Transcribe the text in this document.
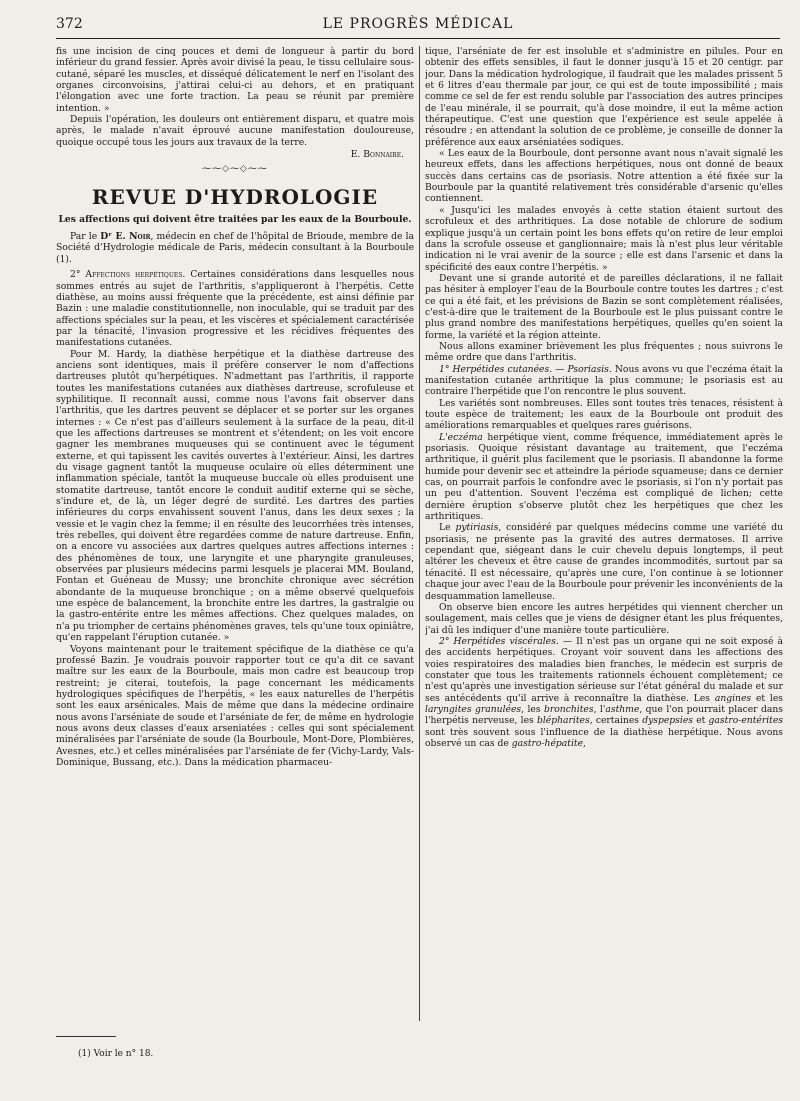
372	LE PROGRÈS MÉDICAL

fis une incision de cinq pouces et demi de longueur à partir du bord inférieur du grand fessier. Après avoir divisé la peau, le tissu cellulaire sous-cutané, séparé les muscles, et disséqué délicatement le nerf en l'isolant des organes circonvoisins, j'attirai celui-ci au dehors, et en pratiquant l'élongation avec une forte traction. La peau se réunit par première intention. »

Depuis l'opération, les douleurs ont entièrement disparu, et quatre mois après, le malade n'avait éprouvé aucune manifestation douloureuse, quoique occupé tous les jours aux travaux de la terre.

E. Bonnaire.
⁓⁓◇⁓◇⁓⁓
REVUE D'HYDROLOGIE
Les affections qui doivent être traitées par les eaux de la Bourboule.

Par le Dʳ E. Noir, médecin en chef de l'hôpital de Brioude, membre de la Société d'Hydrologie médicale de Paris, médecin consultant à la Bourboule (1).

2° Affections herpétiques. Certaines considérations dans lesquelles nous sommes entrés au sujet de l'arthritis, s'appliqueront à l'herpétis. Cette diathèse, au moins aussi fréquente que la précédente, est ainsi définie par Bazin : une maladie constitutionnelle, non inoculable, qui se traduit par des affections spéciales sur la peau, et les viscères et spécialement caractérisée par la ténacité, l'invasion progressive et les récidives fréquentes des manifestations cutanées.

Pour M. Hardy, la diathèse herpétique et la diathèse dartreuse des anciens sont identiques, mais il préfère conserver le nom d'affections dartreuses plutôt qu'herpétiques. N'admettant pas l'arthritis, il rapporte toutes les manifestations cutanées aux diathèses dartreuse, scrofuleuse et syphilitique. Il reconnaît aussi, comme nous l'avons fait observer dans l'arthritis, que les dartres peuvent se déplacer et se porter sur les organes internes : « Ce n'est pas d'ailleurs seulement à la surface de la peau, dit-il que les affections dartreuses se montrent et s'étendent; on les voit encore gagner les membranes muqueuses qui se continuent avec le tégument externe, et qui tapissent les cavités ouvertes à l'extérieur. Ainsi, les dartres du visage gagnent tantôt la muqueuse oculaire où elles déterminent une inflammation spéciale, tantôt la muqueuse buccale où elles produisent une stomatite dartreuse, tantôt encore le conduit auditif externe qui se sèche, s'indure et, de là, un léger degré de surdité. Les dartres des parties inférieures du corps envahissent souvent l'anus, dans les deux sexes ; la vessie et le vagin chez la femme; il en résulte des leucorrhées très intenses, très rebelles, qui doivent être regardées comme de nature dartreuse. Enfin, on a encore vu associées aux dartres quelques autres affections internes : des phénomènes de toux, une laryngite et une pharyngite granuleuses, observées par plusieurs médecins parmi lesquels je placerai MM. Bouland, Fontan et Guéneau de Mussy; une bronchite chronique avec sécrétion abondante de la muqueuse bronchique ; on a même observé quelquefois une espèce de balancement, la bronchite entre les dartres, la gastralgie ou la gastro-entérite entre les mêmes affections. Chez quelques malades, on n'a pu triompher de certains phénomènes graves, tels qu'une toux opiniâtre, qu'en rappelant l'éruption cutanée. »

Voyons maintenant pour le traitement spécifique de la diathèse ce qu'a professé Bazin. Je voudrais pouvoir rapporter tout ce qu'a dit ce savant maître sur les eaux de la Bourboule, mais mon cadre est beaucoup trop restreint; je citerai, toutefois, la page concernant les médicaments hydrologiques spécifiques de l'herpétis, « les eaux naturelles de l'herpétis sont les eaux arsénicales. Mais de même que dans la médecine ordinaire nous avons l'arséniate de soude et l'arséniate de fer, de même en hydrologie nous avons deux classes d'eaux arseniatées : celles qui sont spécialement minéralisées par l'arséniate de soude (la Bourboule, Mont-Dore, Plombières, Avesnes, etc.) et celles minéralisées par l'arséniate de fer (Vichy-Lardy, Vals-Dominique, Bussang, etc.). Dans la médication pharmaceu-

tique, l'arséniate de fer est insoluble et s'administre en pilules. Pour en obtenir des effets sensibles, il faut le donner jusqu'à 15 et 20 centigr. par jour. Dans la médication hydrologique, il faudrait que les malades prissent 5 et 6 litres d'eau thermale par jour, ce qui est de toute impossibilité ; mais comme ce sel de fer est rendu soluble par l'association des autres principes de l'eau minérale, il se pourrait, qu'à dose moindre, il eut la même action thérapeutique. C'est une question que l'expérience est seule appelée à résoudre ; en attendant la solution de ce problème, je conseille de donner la préférence aux eaux arséniatées sodiques.

« Les eaux de la Bourboule, dont personne avant nous n'avait signalé les heureux effets, dans les affections herpétiques, nous ont donné de beaux succès dans certains cas de psoriasis. Notre attention a été fixée sur la Bourboule par la quantité relativement très considérable d'arsenic qu'elles contiennent.

« Jusqu'ici les malades envoyés à cette station étaient surtout des scrofuleux et des arthritiques. La dose notable de chlorure de sodium explique jusqu'à un certain point les bons effets qu'on retire de leur emploi dans la scrofule osseuse et ganglionnaire; mais là n'est plus leur véritable indication ni le vrai avenir de la source ; elle est dans l'arsenic et dans la spécificité des eaux contre l'herpétis. »

Devant une si grande autorité et de pareilles déclarations, il ne fallait pas hésiter à employer l'eau de la Bourboule contre toutes les dartres ; c'est ce qui a été fait, et les prévisions de Bazin se sont complètement réalisées, c'est-à-dire que le traitement de la Bourboule est le plus puissant contre le plus grand nombre des manifestations herpétiques, quelles qu'en soient la forme, la variété et la région atteinte.

Nous allons examiner brièvement les plus fréquentes ; nous suivrons le même ordre que dans l'arthritis.

1° Herpétides cutanées. — Psoriasis. Nous avons vu que l'eczéma était la manifestation cutanée arthritique la plus commune; le psoriasis est au contraire l'herpétide que l'on rencontre le plus souvent.

Les variétés sont nombreuses. Elles sont toutes très tenaces, résistent à toute espèce de traitement; les eaux de la Bourboule ont produit des améliorations remarquables et quelques rares guérisons.

L'eczéma herpétique vient, comme fréquence, immédiatement après le psoriasis. Quoique résistant davantage au traitement, que l'eczéma arthritique, il guérit plus facilement que le psoriasis. Il abandonne la forme humide pour devenir sec et atteindre la période squameuse; dans ce dernier cas, on pourrait parfois le confondre avec le psoriasis, si l'on n'y portait pas un peu d'attention. Souvent l'eczéma est compliqué de lichen; cette dernière éruption s'observe plutôt chez les herpétiques que chez les arthritiques.

Le pytiriasis, considéré par quelques médecins comme une variété du psoriasis, ne présente pas la gravité des autres dermatoses. Il arrive cependant que, siégeant dans le cuir chevelu depuis longtemps, il peut altérer les cheveux et être cause de grandes incommodités, surtout par sa ténacité. Il est nécessaire, qu'après une cure, l'on continue à se lotionner chaque jour avec l'eau de la Bourboule pour prévenir les inconvénients de la desquammation lamelleuse.

On observe bien encore les autres herpétides qui viennent chercher un soulagement, mais celles que je viens de désigner étant les plus fréquentes, j'ai dû les indiquer d'une manière toute particulière.

2° Herpétides viscérales. — Il n'est pas un organe qui ne soit exposé à des accidents herpétiques. Croyant voir souvent dans les affections des voies respiratoires des maladies bien franches, le médecin est surpris de constater que tous les traitements rationnels échouent complètement; ce n'est qu'après une investigation sérieuse sur l'état général du malade et sur ses antécédents qu'il arrive à reconnaître la diathèse. Les angines et les laryngites granulées, les bronchites, l'asthme, que l'on pourrait placer dans l'herpétis nerveuse, les blépharites, certaines dyspepsies et gastro-entérites sont très souvent sous l'influence de la diathèse herpétique. Nous avons observé un cas de gastro-hépatite,

(1) Voir le n° 18.
